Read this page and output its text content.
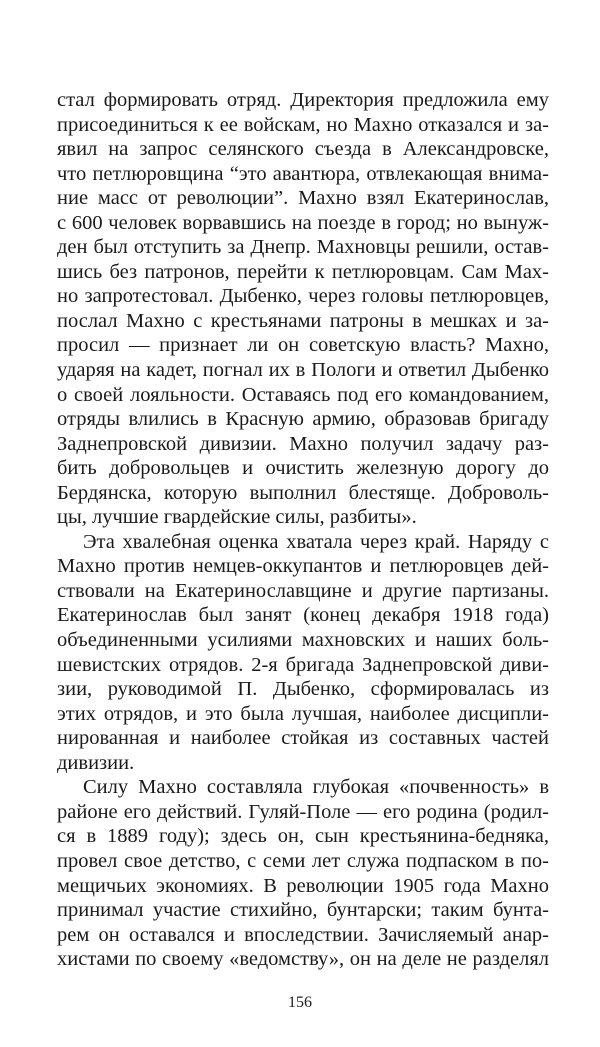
стал формировать отряд. Директория предложила ему
присоединиться к ее войскам, но Махно отказался и за-
явил на запрос селянского съезда в Александровске,
что петлюровщина “это авантюра, отвлекающая внима-
ние масс от революции”. Махно взял Екатеринослав,
с 600 человек ворвавшись на поезде в город; но вынуж-
ден был отступить за Днепр. Махновцы решили, остав-
шись без патронов, перейти к петлюровцам. Сам Мах-
но запротестовал. Дыбенко, через головы петлюровцев,
послал Махно с крестьянами патроны в мешках и за-
просил — признает ли он советскую власть? Махно,
ударяя на кадет, погнал их в Пологи и ответил Дыбенко
о своей лояльности. Оставаясь под его командованием,
отряды влились в Красную армию, образовав бригаду
Заднепровской дивизии. Махно получил задачу раз-
бить добровольцев и очистить железную дорогу до
Бердянска, которую выполнил блестяще. Доброволь-
цы, лучшие гвардейские силы, разбиты».
Эта хвалебная оценка хватала через край. Наряду с
Махно против немцев-оккупантов и петлюровцев дей-
ствовали на Екатеринославщине и другие партизаны.
Екатеринослав был занят (конец декабря 1918 года)
объединенными усилиями махновских и наших боль-
шевистских отрядов. 2-я бригада Заднепровской диви-
зии, руководимой П. Дыбенко, сформировалась из
этих отрядов, и это была лучшая, наиболее дисципли-
нированная и наиболее стойкая из составных частей
дивизии.
Силу Махно составляла глубокая «почвенность» в
районе его действий. Гуляй-Поле — его родина (родил-
ся в 1889 году); здесь он, сын крестьянина-бедняка,
провел свое детство, с семи лет служа подпаском в по-
мещичьих экономиях. В революции 1905 года Махно
принимал участие стихийно, бунтарски; таким бунта-
рем он оставался и впоследствии. Зачисляемый анар-
хистами по своему «ведомству», он на деле не разделял
156
